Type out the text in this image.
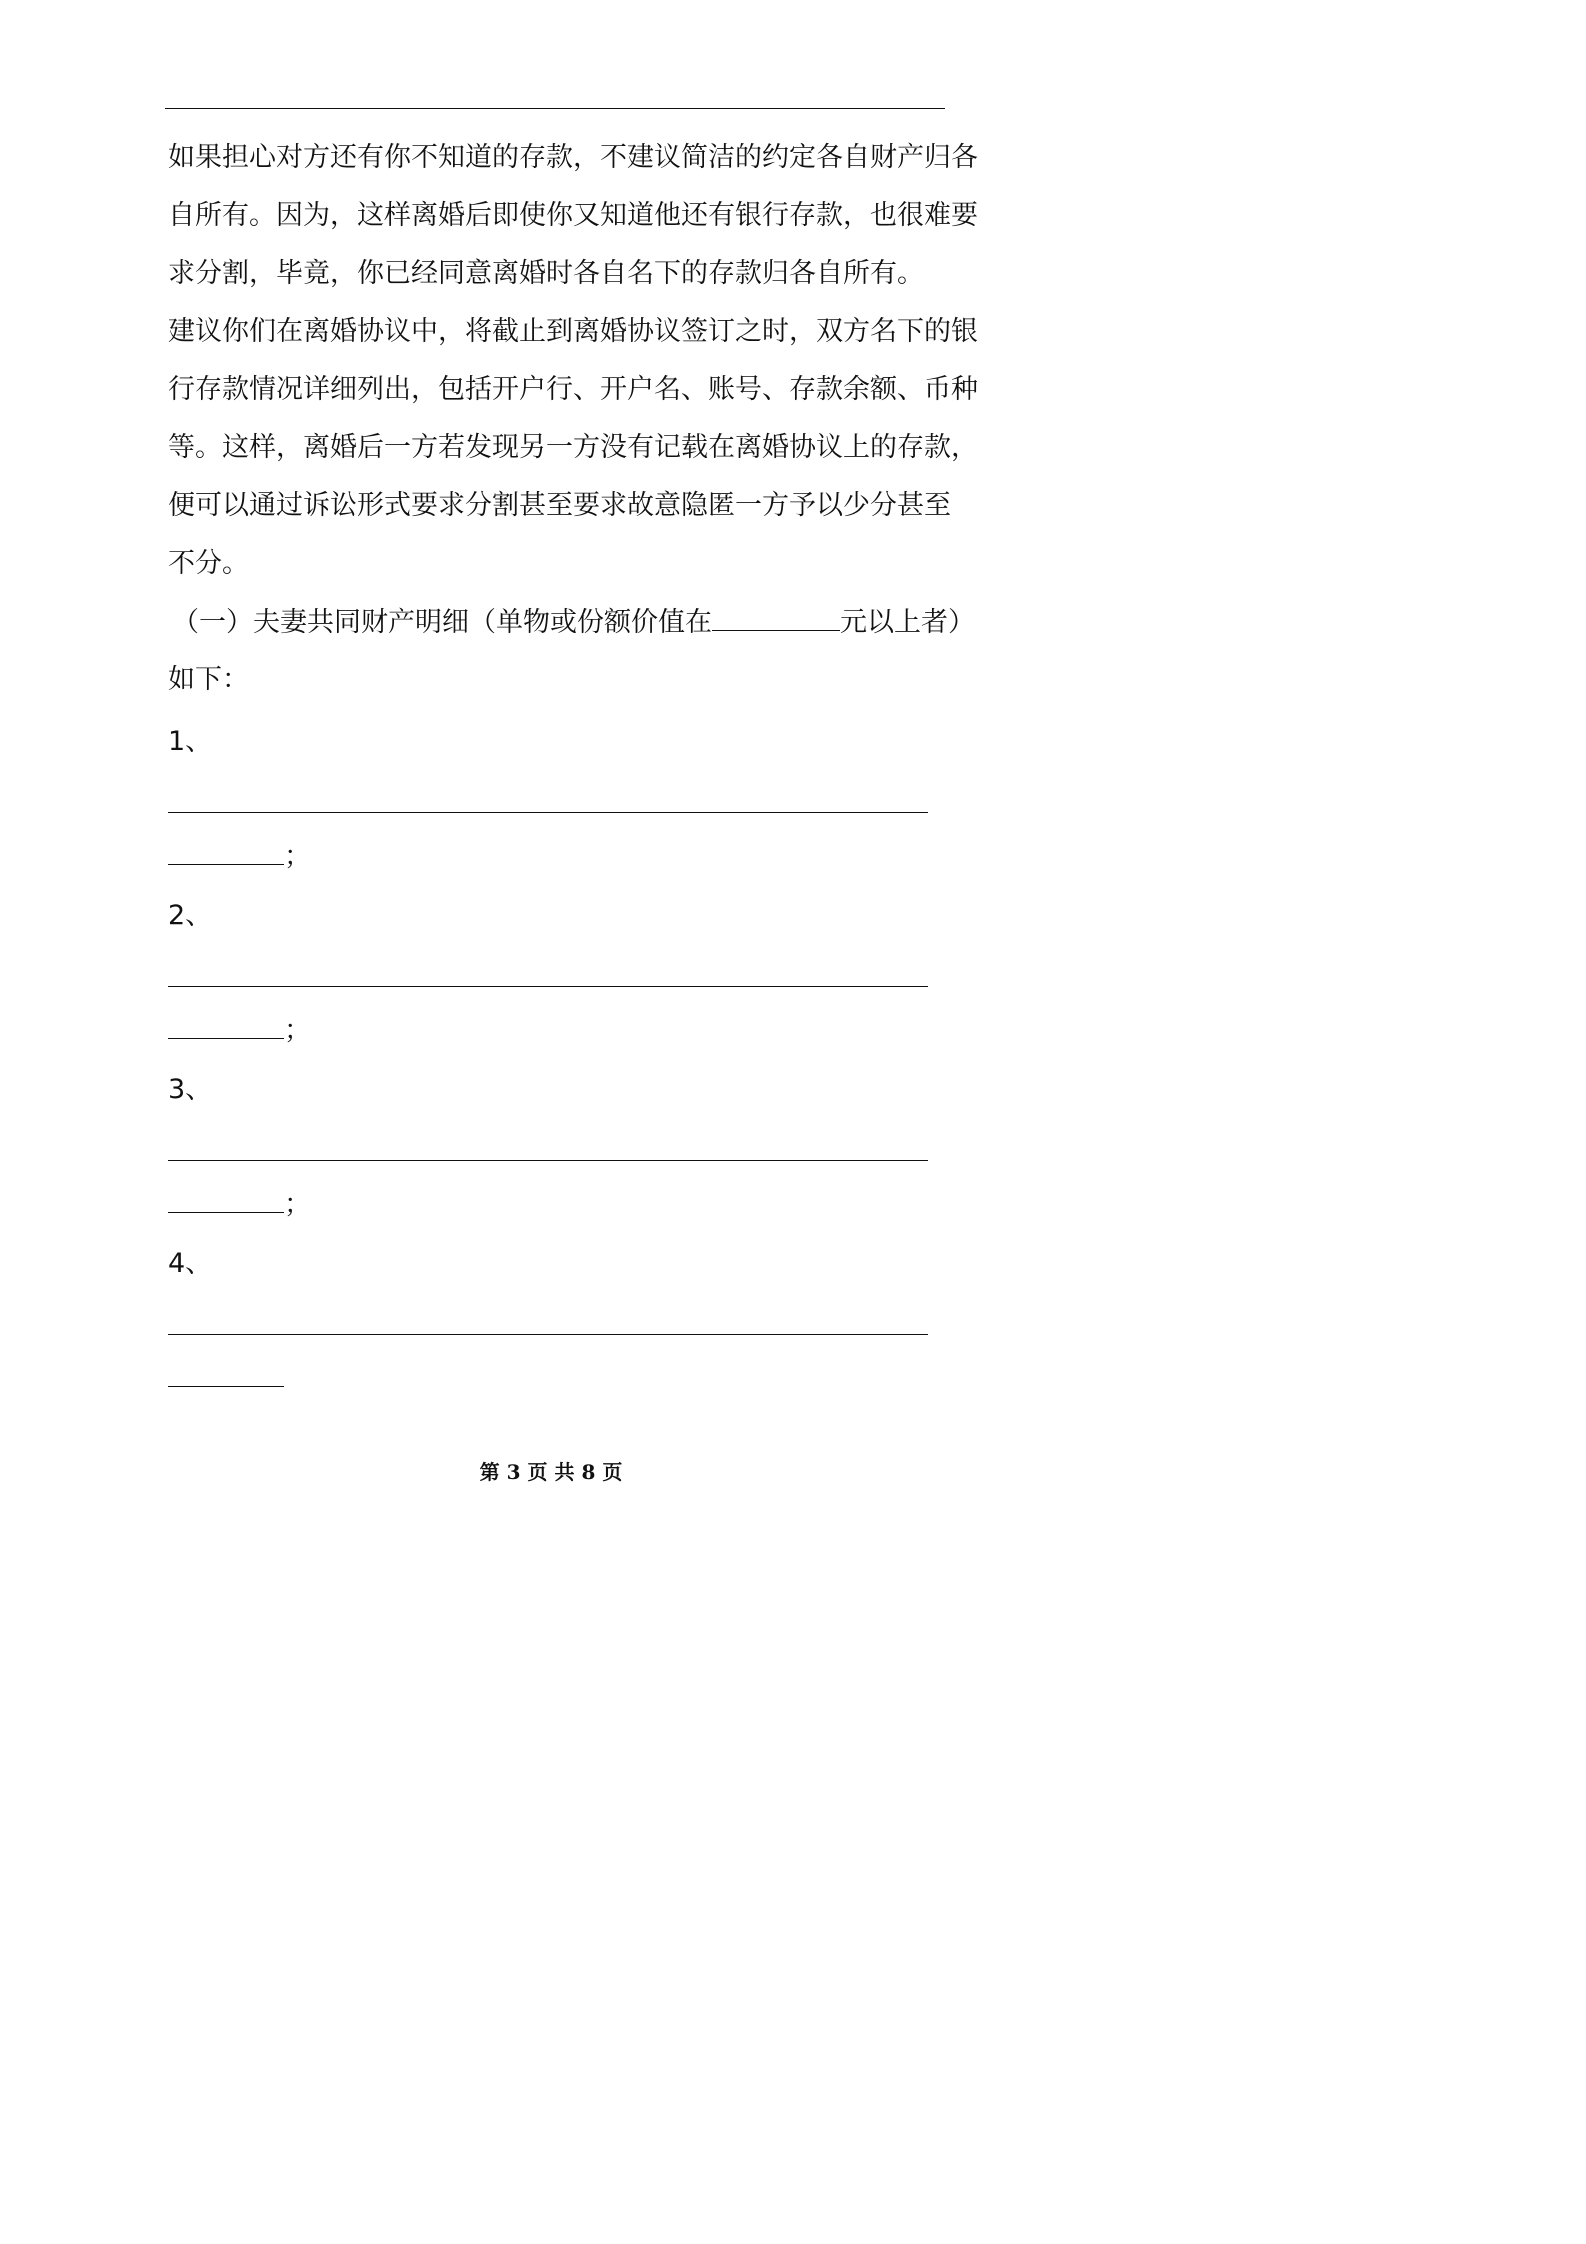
如果担心对方还有你不知道的存款，不建议简洁的约定各自财产归各
自所有。因为，这样离婚后即使你又知道他还有银行存款，也很难要
求分割，毕竟，你已经同意离婚时各自名下的存款归各自所有。
建议你们在离婚协议中，将截止到离婚协议签订之时，双方名下的银
行存款情况详细列出，包括开户行、开户名、账号、存款余额、币种
等。这样，离婚后一方若发现另一方没有记载在离婚协议上的存款，
便可以通过诉讼形式要求分割甚至要求故意隐匿一方予以少分甚至
不分。
（一）夫妻共同财产明细（单物或份额价值在	元以上者）
如下：
1、
；
2、
；
3、
；
4、
第 3 页 共 8 页
